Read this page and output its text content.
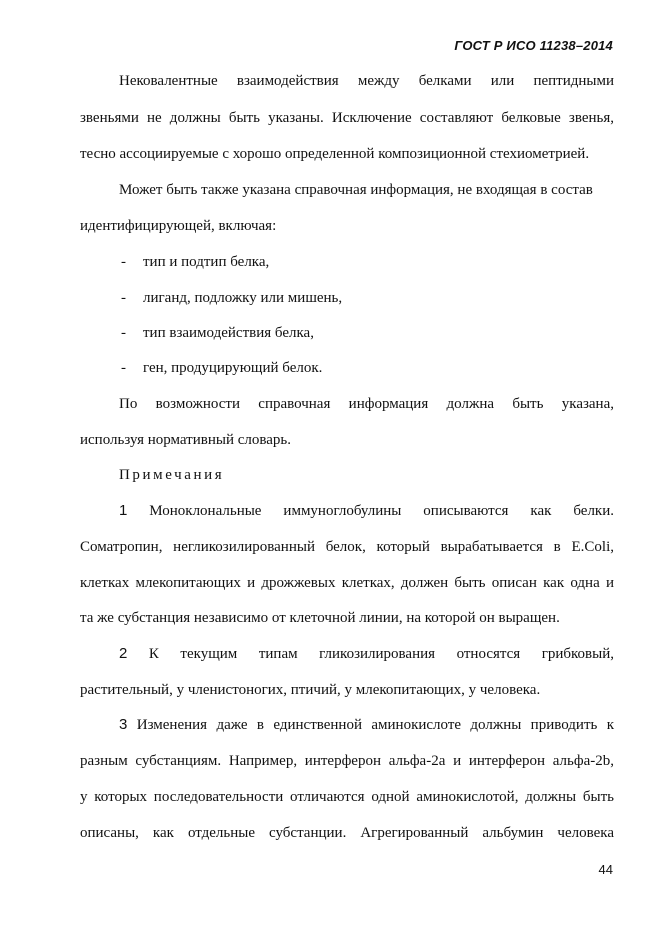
ГОСТ Р ИСО 11238–2014
Нековалентные взаимодействия между белками или пептидными
звеньями не должны быть указаны. Исключение составляют белковые звенья,
тесно ассоциируемые с хорошо определенной композиционной стехиометрией.
Может быть также указана справочная информация, не входящая в состав
идентифицирующей, включая:
- тип и подтип белка,
- лиганд, подложку или мишень,
- тип взаимодействия белка,
- ген, продуцирующий белок.
По возможности справочная информация должна быть указана,
используя нормативный словарь.
Примечания
1 Моноклональные иммуноглобулины описываются как белки.
Соматропин, негликозилированный белок, который вырабатывается в E.Coli,
клетках млекопитающих и дрожжевых клетках, должен быть описан как одна и
та же субстанция независимо от клеточной линии, на которой он выращен.
2 К текущим типам гликозилирования относятся грибковый,
растительный, у членистоногих, птичий, у млекопитающих, у человека.
3 Изменения даже в единственной аминокислоте должны приводить к
разным субстанциям. Например, интерферон альфа-2а и интерферон альфа-2b,
у которых последовательности отличаются одной аминокислотой, должны быть
описаны, как отдельные субстанции. Агрегированный альбумин человека
44
